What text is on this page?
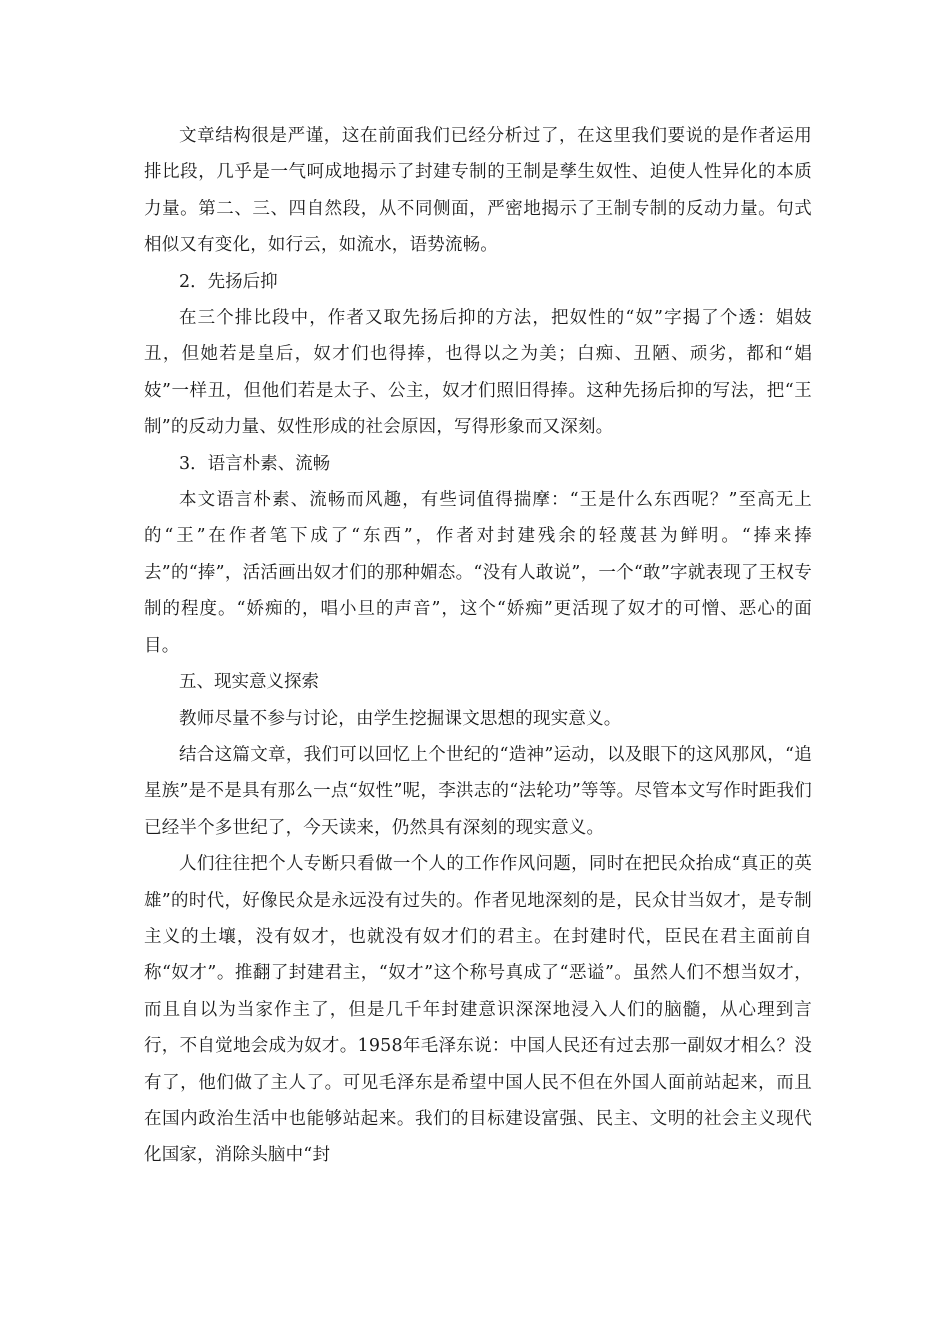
文章结构很是严谨，这在前面我们已经分析过了，在这里我们要说的是作者运用排比段，几乎是一气呵成地揭示了封建专制的王制是孳生奴性、迫使人性异化的本质力量。第二、三、四自然段，从不同侧面，严密地揭示了王制专制的反动力量。句式相似又有变化，如行云，如流水，语势流畅。

2．先扬后抑

在三个排比段中，作者又取先扬后抑的方法，把奴性的“奴”字揭了个透：娼妓丑，但她若是皇后，奴才们也得捧，也得以之为美；白痴、丑陋、顽劣，都和“娼妓”一样丑，但他们若是太子、公主，奴才们照旧得捧。这种先扬后抑的写法，把“王制”的反动力量、奴性形成的社会原因，写得形象而又深刻。

3．语言朴素、流畅

本文语言朴素、流畅而风趣，有些词值得揣摩：“王是什么东西呢？”至高无上的“王”在作者笔下成了“东西”，作者对封建残余的轻蔑甚为鲜明。“捧来捧去”的“捧”，活活画出奴才们的那种媚态。“没有人敢说”，一个“敢”字就表现了王权专制的程度。“娇痴的，唱小旦的声音”，这个“娇痴”更活现了奴才的可憎、恶心的面目。

五、现实意义探索

教师尽量不参与讨论，由学生挖掘课文思想的现实意义。

结合这篇文章，我们可以回忆上个世纪的“造神”运动，以及眼下的这风那风，“追星族”是不是具有那么一点“奴性”呢，李洪志的“法轮功”等等。尽管本文写作时距我们已经半个多世纪了，今天读来，仍然具有深刻的现实意义。

人们往往把个人专断只看做一个人的工作作风问题，同时在把民众抬成“真正的英雄”的时代，好像民众是永远没有过失的。作者见地深刻的是，民众甘当奴才，是专制主义的土壤，没有奴才，也就没有奴才们的君主。在封建时代，臣民在君主面前自称“奴才”。推翻了封建君主，“奴才”这个称号真成了“恶谥”。虽然人们不想当奴才，而且自以为当家作主了，但是几千年封建意识深深地浸入人们的脑髓，从心理到言行，不自觉地会成为奴才。1958年毛泽东说：中国人民还有过去那一副奴才相么？没有了，他们做了主人了。可见毛泽东是希望中国人民不但在外国人面前站起来，而且在国内政治生活中也能够站起来。我们的目标建设富强、民主、文明的社会主义现代化国家，消除头脑中“封
